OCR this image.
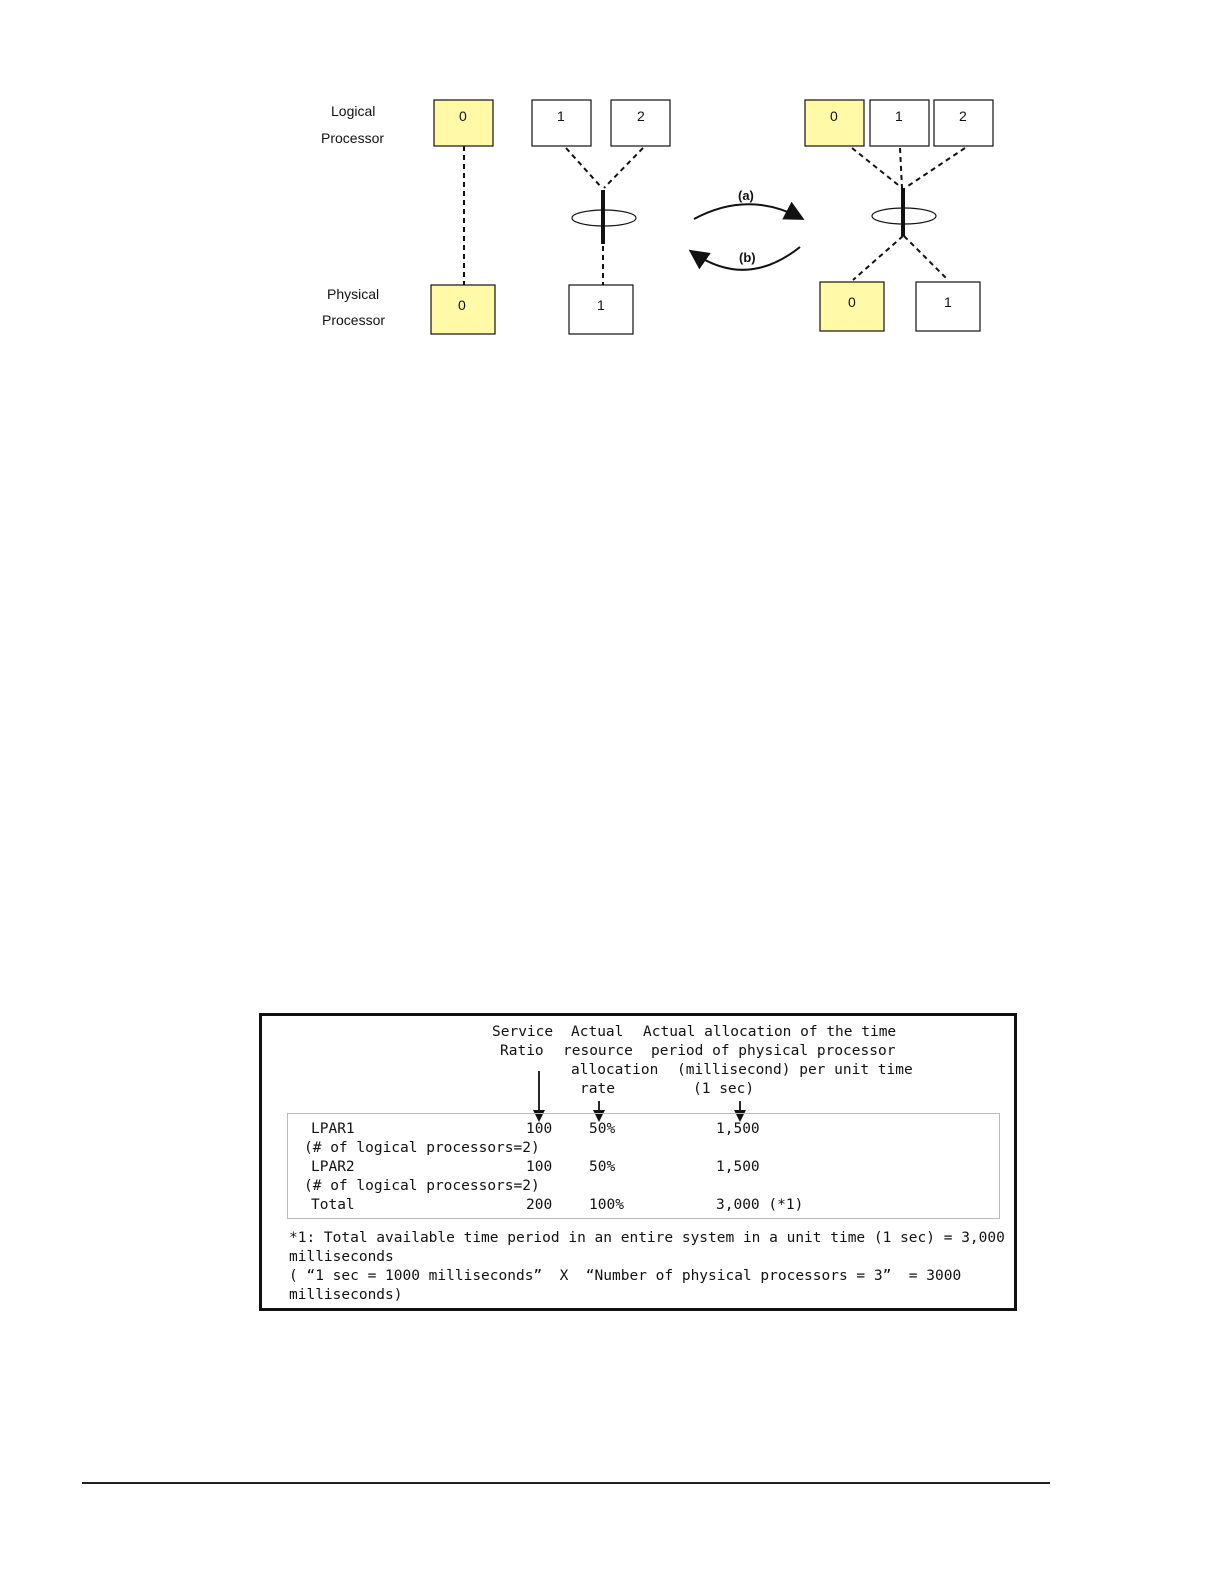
Logical
Processor
Physical
Processor
0	1	2
0	1
0	1	2
0	1
(a)
(b)
Service
Ratio
Actual
resource
allocation
rate
Actual allocation of the time
period of physical processor
(millisecond) per unit time
(1 sec)
LPAR1	100	50%	1,500
(# of logical processors=2)
LPAR2	100	50%	1,500
(# of logical processors=2)
Total	200	100%	3,000 (*1)
*1: Total available time period in an entire system in a unit time (1 sec) = 3,000
milliseconds
( “1 sec = 1000 milliseconds”  X  “Number of physical processors = 3”  = 3000
milliseconds)
